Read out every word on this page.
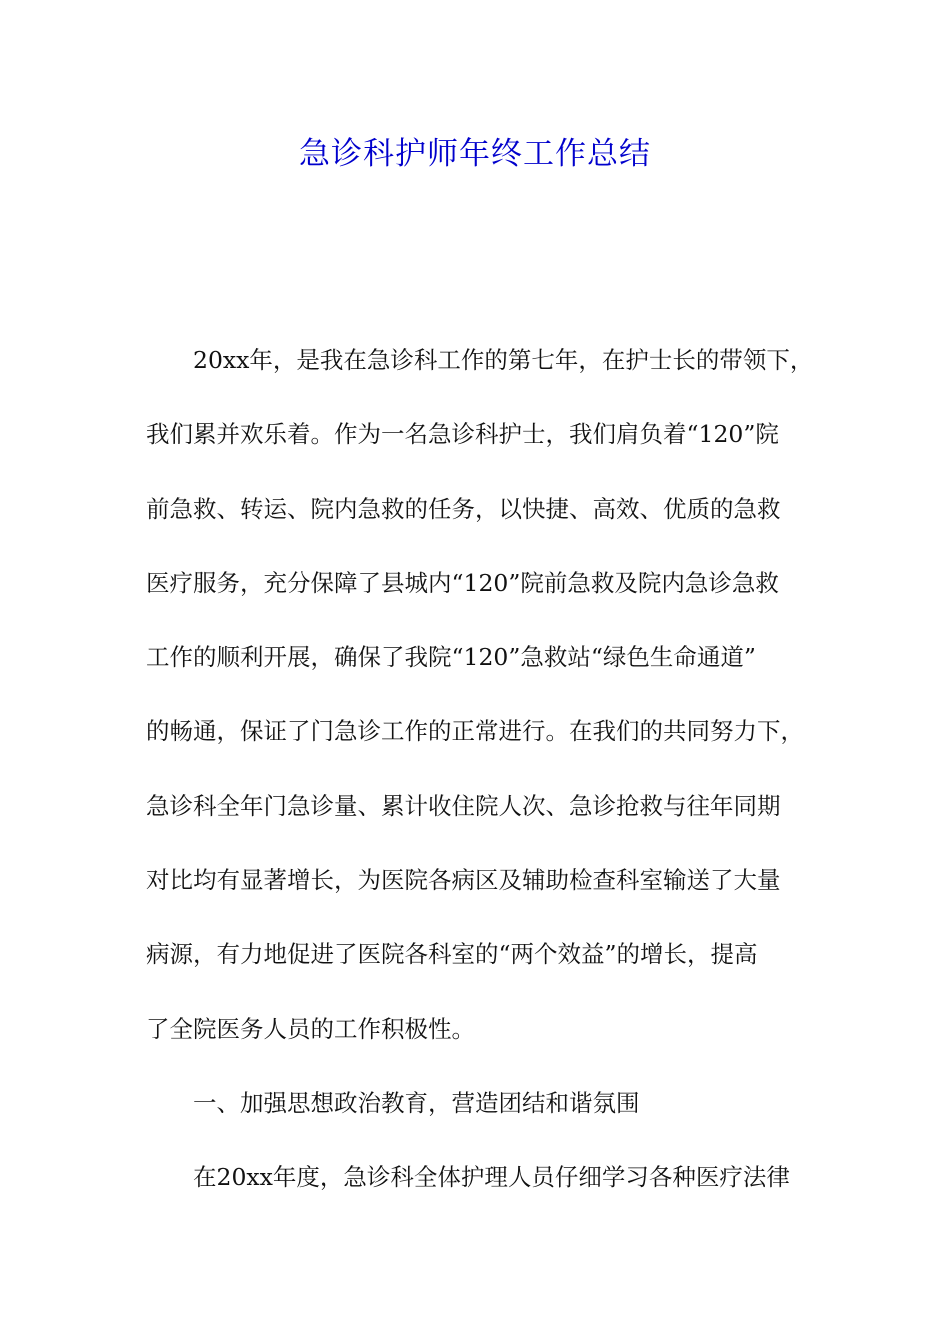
急诊科护师年终工作总结
20xx年，是我在急诊科工作的第七年，在护士长的带领下，
我们累并欢乐着。作为一名急诊科护士，我们肩负着“120”院
前急救、转运、院内急救的任务，以快捷、高效、优质的急救
医疗服务，充分保障了县城内“120”院前急救及院内急诊急救
工作的顺利开展，确保了我院“120”急救站“绿色生命通道”
的畅通，保证了门急诊工作的正常进行。在我们的共同努力下，
急诊科全年门急诊量、累计收住院人次、急诊抢救与往年同期
对比均有显著增长，为医院各病区及辅助检查科室输送了大量
病源，有力地促进了医院各科室的“两个效益”的增长，提高
了全院医务人员的工作积极性。
一、加强思想政治教育，营造团结和谐氛围
在20xx年度，急诊科全体护理人员仔细学习各种医疗法律
